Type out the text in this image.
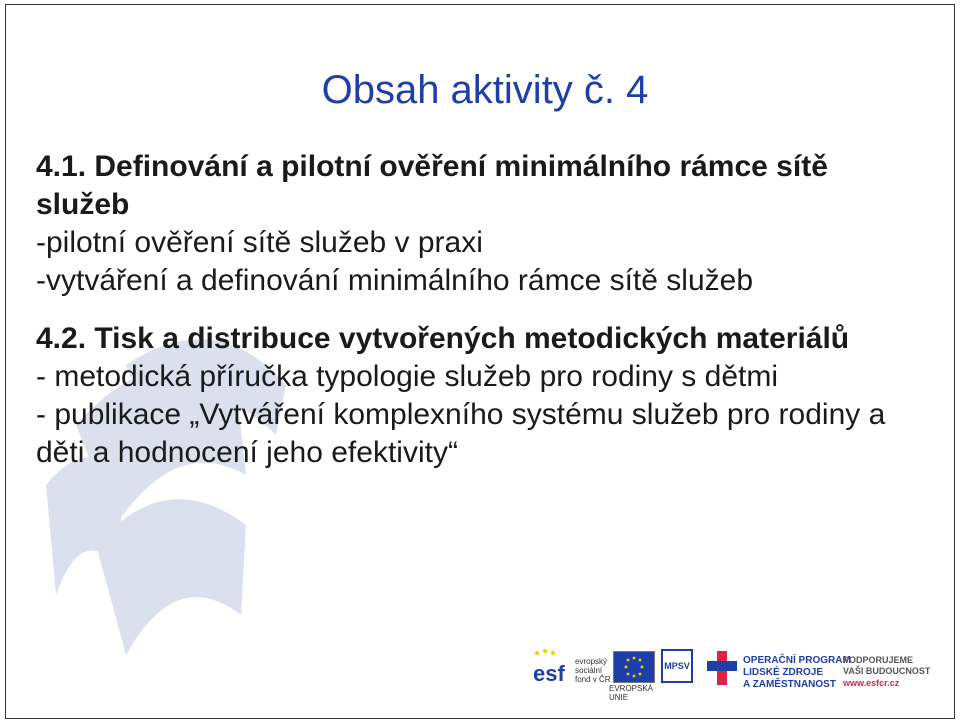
Obsah aktivity č. 4

4.1. Definování a pilotní ověření minimálního rámce sítě služeb

-pilotní ověření sítě služeb v praxi

-vytváření a definování minimálního rámce sítě služeb

4.2. Tisk a distribuce vytvořených metodických materiálů

- metodická příručka typologie služeb pro rodiny s dětmi

- publikace „Vytváření komplexního systému služeb pro rodiny a děti a hodnocení jeho efektivity“

esf evropský sociální fond v ČR
EVROPSKÁ UNIE
MPSV	OPERAČNÍ PROGRAM
LIDSKÉ ZDROJE
A ZAMĚSTNANOST
PODPORUJEME
VAŠI BUDOUCNOST
www.esfcr.cz
